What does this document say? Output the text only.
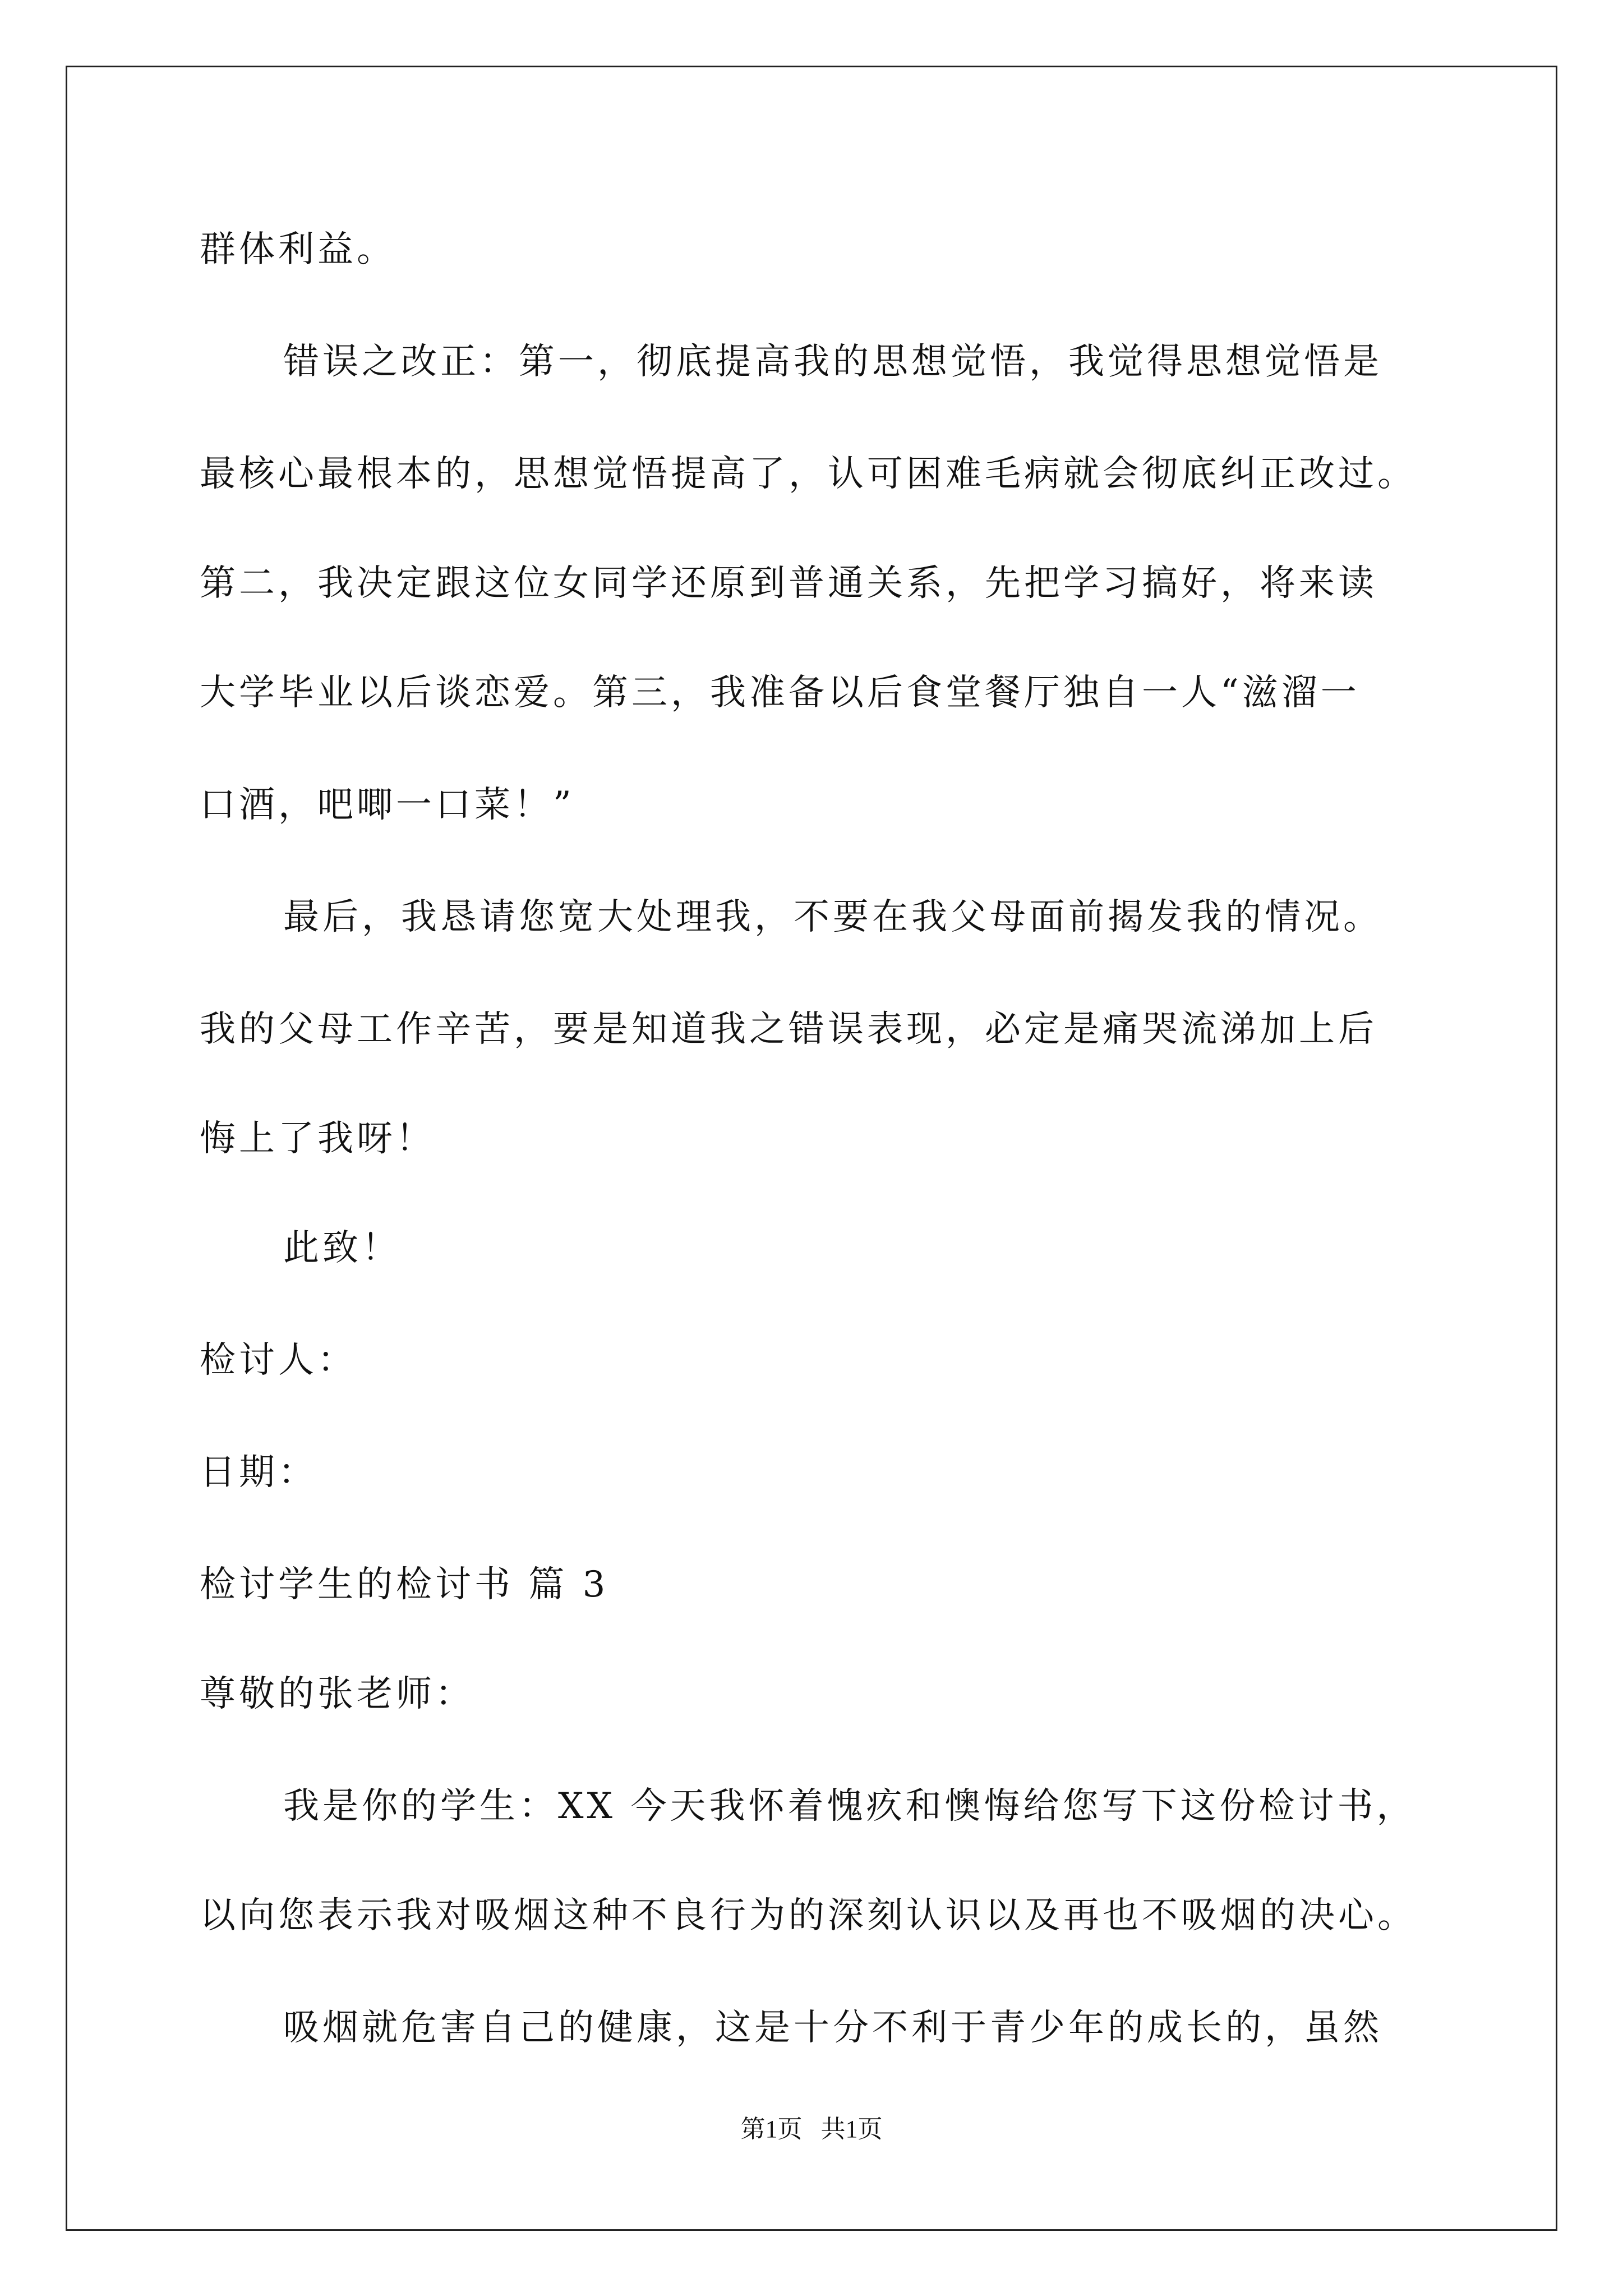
群体利益。
错误之改正：第一，彻底提高我的思想觉悟，我觉得思想觉悟是
最核心最根本的，思想觉悟提高了，认可困难毛病就会彻底纠正改过。
第二，我决定跟这位女同学还原到普通关系，先把学习搞好，将来读
大学毕业以后谈恋爱。第三，我准备以后食堂餐厅独自一人“滋溜一
口酒，吧唧一口菜！”
最后，我恳请您宽大处理我，不要在我父母面前揭发我的情况。
我的父母工作辛苦，要是知道我之错误表现，必定是痛哭流涕加上后
悔上了我呀！
此致！
检讨人：
日期：
检讨学生的检讨书 篇 3
尊敬的张老师：
我是你的学生：XX 今天我怀着愧疚和懊悔给您写下这份检讨书，
以向您表示我对吸烟这种不良行为的深刻认识以及再也不吸烟的决心。
吸烟就危害自己的健康，这是十分不利于青少年的成长的，虽然
第1页   共1页
